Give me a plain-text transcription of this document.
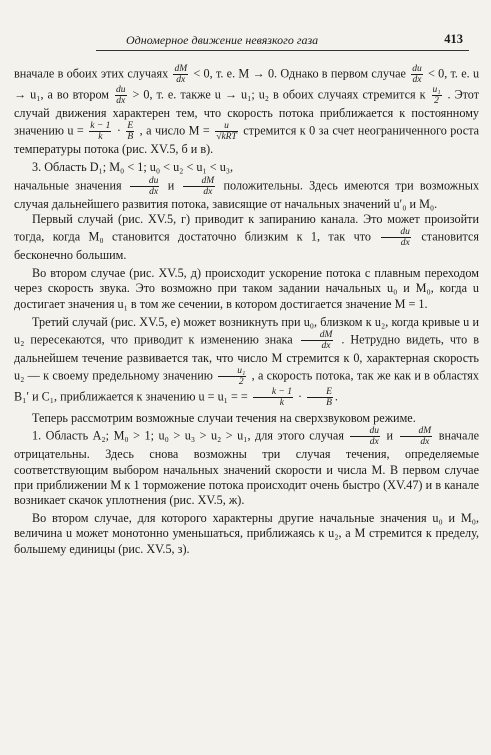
Одномерное движение невязкого газа	413

вначале в обоих этих случаях $\frac{dM}{dx} < 0$, т. е. M → 0. Однако в первом случае $\frac{du}{dx} < 0$, т. е. u → u₁, а во втором $\frac{du}{dx} > 0$, т. е. также u → u₁; u₂ в обоих случаях стремится к $\frac{\text{u₁}}{2}$ . Этот случай движения характерен тем, что скорость потока приближается к постоянному значению $u = \frac{k - 1}{k} \cdot \frac{E}{B}$ , а число $M = \frac{u}{\text{√kRT}}$ стремится к 0 за счет неограниченного роста температуры потока (рис. XV.5, б и в).

3. Область D₁; M₀ < 1; u₀ < u₂ < u₁ < u₃,
начальные значения $\frac{du}{dx}$ и $\frac{dM}{dx}$ положительны. Здесь имеются три возможных случая дальнейшего развития потока, зависящие от начальных значений u′₀ и M₀.

Первый случай (рис. XV.5, г) приводит к запиранию канала. Это может произойти тогда, когда M₀ становится достаточно близким к 1, так что $\frac{du}{dx}$ становится бесконечно большим.

Во втором случае (рис. XV.5, д) происходит ускорение потока с плавным переходом через скорость звука. Это возможно при таком задании начальных u₀ и M₀, когда u достигает значения u₁ в том же сечении, в котором достигается значение M = 1.

Третий случай (рис. XV.5, е) может возникнуть при u₀, близком к u₂, когда кривые u и u₂ пересекаются, что приводит к изменению знака $\frac{dM}{dx}$ . Нетрудно видеть, что в дальнейшем течение развивается так, что число M стремится к 0, характерная скорость u₂ — к своему предельному значению $\frac{\text{u₁}}{2}$ , а скорость потока, так же как и в областях B₁′ и C₁, приближается к значению u = u₁ = = $\frac{k - 1}{k} \cdot \frac{E}{B}$ .

Теперь рассмотрим возможные случаи течения на сверхзвуковом режиме.

1. Область A₂; M₀ > 1; u₀ > u₃ > u₂ > u₁, для этого случая $\frac{du}{dx}$ и $\frac{dM}{dx}$ вначале отрицательны. Здесь снова возможны три случая течения, определяемые соответствующим выбором начальных значений скорости и числа M. В первом случае при приближении M к 1 торможение потока происходит очень быстро (XV.47) и в канале возникает скачок уплотнения (рис. XV.5, ж).

Во втором случае, для которого характерны другие начальные значения u₀ и M₀, величина u может монотонно уменьшаться, приближаясь к u₂, а M стремится к пределу, большему единицы (рис. XV.5, з).
